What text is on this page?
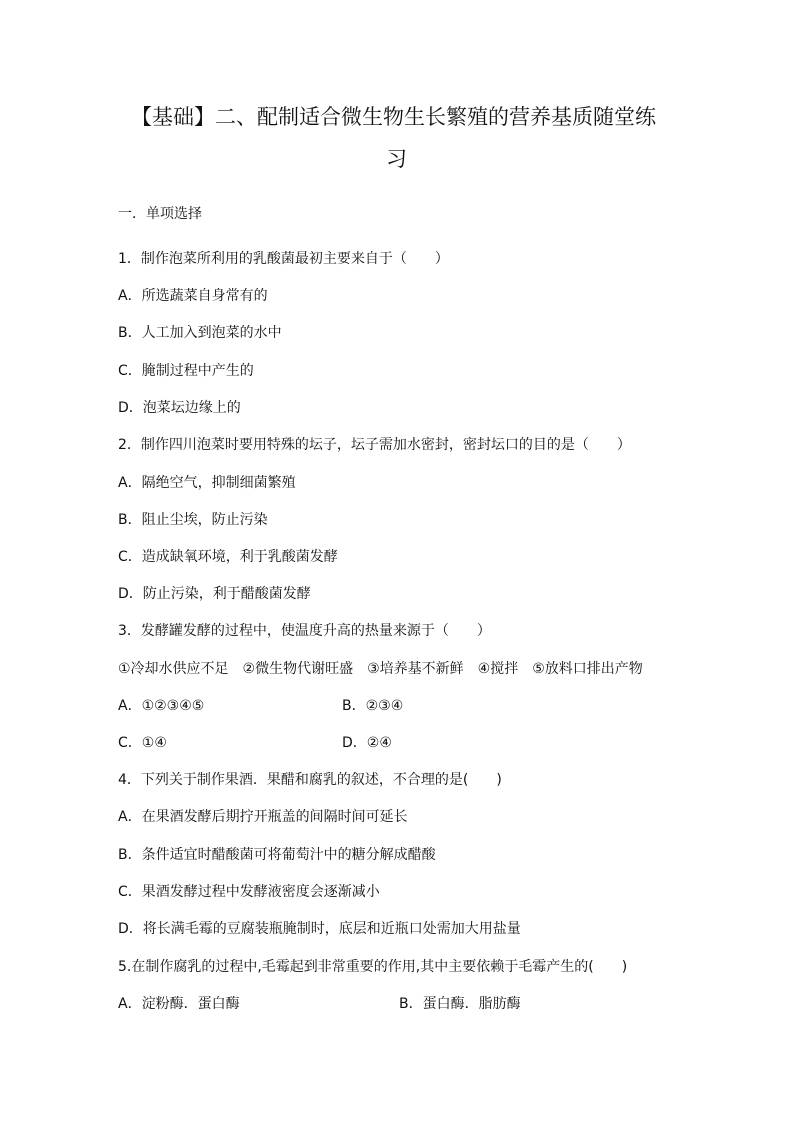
【基础】二、配制适合微生物生长繁殖的营养基质随堂练
习
一．单项选择
1．制作泡菜所利用的乳酸菌最初主要来自于（　　）
A．所选蔬菜自身常有的
B．人工加入到泡菜的水中
C．腌制过程中产生的
D．泡菜坛边缘上的
2．制作四川泡菜时要用特殊的坛子，坛子需加水密封，密封坛口的目的是（　　）
A．隔绝空气，抑制细菌繁殖
B．阻止尘埃，防止污染
C．造成缺氧环境，利于乳酸菌发酵
D．防止污染，利于醋酸菌发酵
3．发酵罐发酵的过程中，使温度升高的热量来源于（　　）
①冷却水供应不足　②微生物代谢旺盛　③培养基不新鲜　④搅拌　⑤放料口排出产物
A．①②③④⑤	B．②③④
C．①④	D．②④
4．下列关于制作果酒．果醋和腐乳的叙述，不合理的是(　　)
A．在果酒发酵后期拧开瓶盖的间隔时间可延长
B．条件适宜时醋酸菌可将葡萄汁中的糖分解成醋酸
C．果酒发酵过程中发酵液密度会逐渐减小
D．将长满毛霉的豆腐装瓶腌制时，底层和近瓶口处需加大用盐量
5.在制作腐乳的过程中,毛霉起到非常重要的作用,其中主要依赖于毛霉产生的(　　)
A．淀粉酶．蛋白酶	B．蛋白酶．脂肪酶
